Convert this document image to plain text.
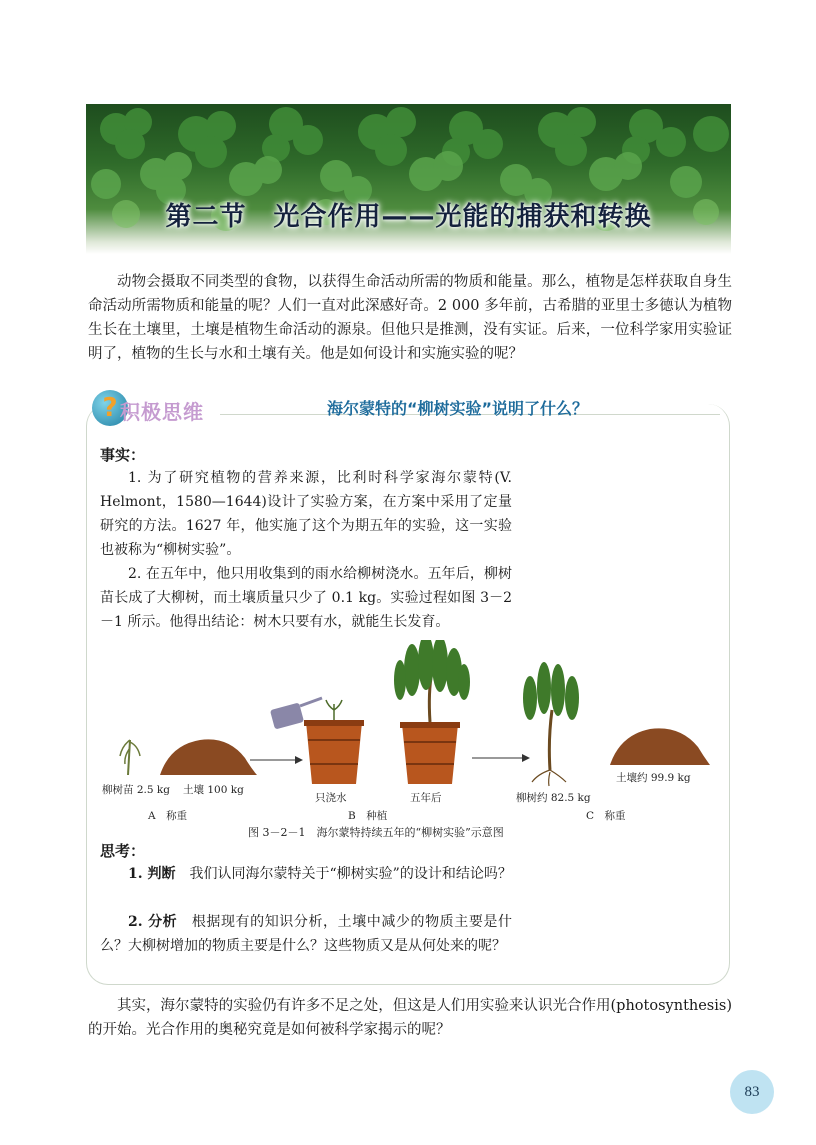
第二节　光合作用——光能的捕获和转换

动物会摄取不同类型的食物，以获得生命活动所需的物质和能量。那么，植物是怎样获取自身生命活动所需物质和能量的呢？人们一直对此深感好奇。2 000 多年前，古希腊的亚里士多德认为植物生长在土壤里，土壤是植物生命活动的源泉。但他只是推测，没有实证。后来，一位科学家用实验证明了，植物的生长与水和土壤有关。他是如何设计和实施实验的呢？

? 积极思维	海尔蒙特的“柳树实验”说明了什么？
事实：

1. 为了研究植物的营养来源，比利时科学家海尔蒙特(V. Helmont，1580—1644)设计了实验方案，在方案中采用了定量研究的方法。1627 年，他实施了这个为期五年的实验，这一实验也被称为“柳树实验”。

2. 在五年中，他只用收集到的雨水给柳树浇水。五年后，柳树苗长成了大柳树，而土壤质量只少了 0.1 kg。实验过程如图 3－2－1 所示。他得出结论：树木只要有水，就能生长发育。

柳树苗 2.5 kg 土壤 100 kg
A　称重
只浇水
B　种植
五年后	柳树约 82.5 kg
土壤约 99.9 kg
C　称重
图 3－2－1　海尔蒙特持续五年的“柳树实验”示意图
思考：

1. 判断　我们认同海尔蒙特关于“柳树实验”的设计和结论吗？

2. 分析　根据现有的知识分析，土壤中减少的物质主要是什么？大柳树增加的物质主要是什么？这些物质又是从何处来的呢？

其实，海尔蒙特的实验仍有许多不足之处，但这是人们用实验来认识光合作用(photosynthesis)的开始。光合作用的奥秘究竟是如何被科学家揭示的呢？

83
